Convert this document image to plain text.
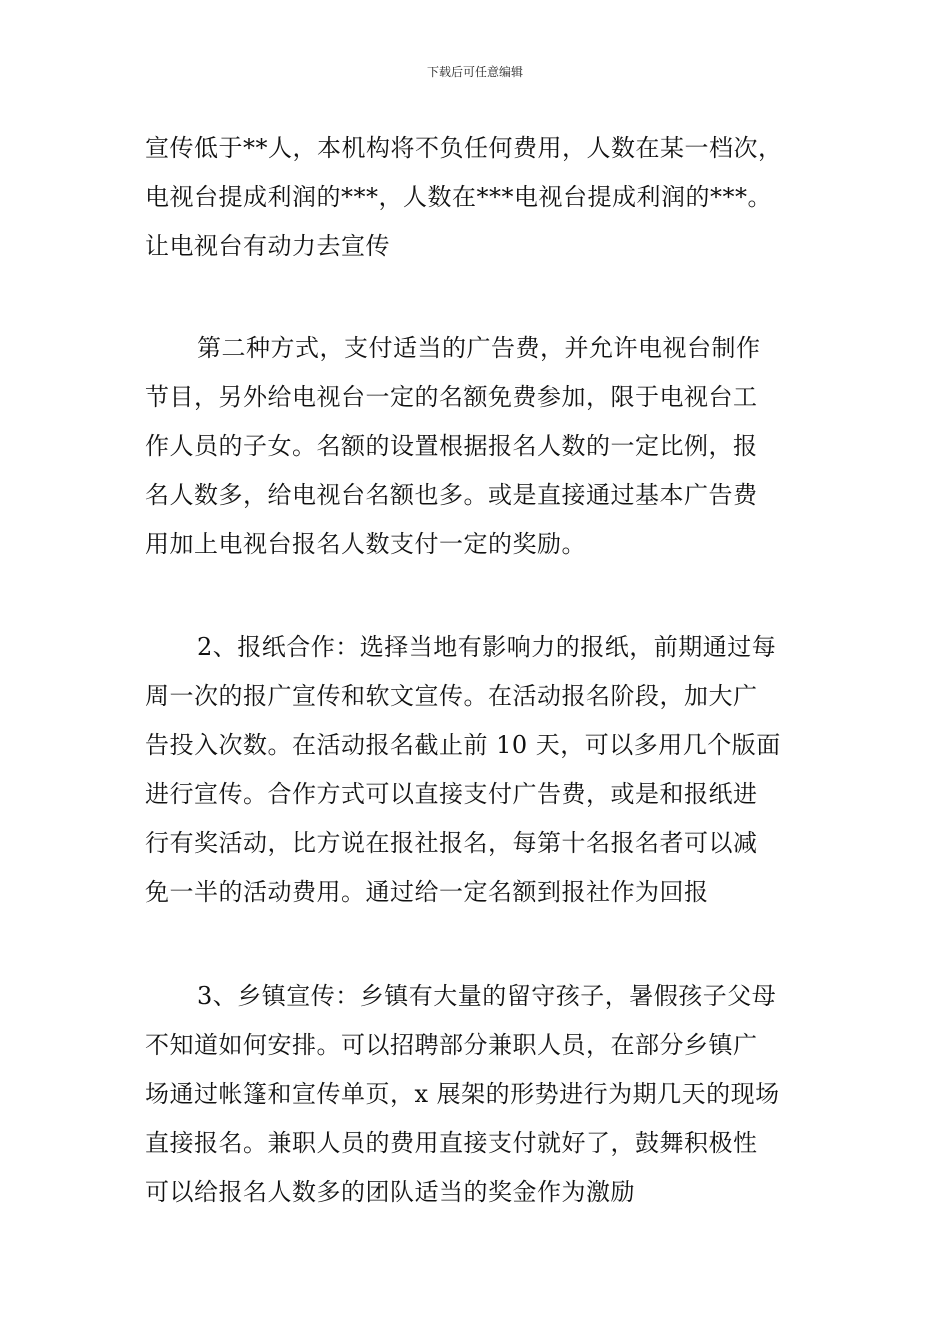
下载后可任意编辑
宣传低于**人，本机构将不负任何费用，人数在某一档次，
电视台提成利润的***，人数在***电视台提成利润的***。
让电视台有动力去宣传
第二种方式，支付适当的广告费，并允许电视台制作
节目，另外给电视台一定的名额免费参加，限于电视台工
作人员的子女。名额的设置根据报名人数的一定比例，报
名人数多，给电视台名额也多。或是直接通过基本广告费
用加上电视台报名人数支付一定的奖励。
2、报纸合作：选择当地有影响力的报纸，前期通过每
周一次的报广宣传和软文宣传。在活动报名阶段，加大广
告投入次数。在活动报名截止前 10 天，可以多用几个版面
进行宣传。合作方式可以直接支付广告费，或是和报纸进
行有奖活动，比方说在报社报名，每第十名报名者可以减
免一半的活动费用。通过给一定名额到报社作为回报
3、乡镇宣传：乡镇有大量的留守孩子，暑假孩子父母
不知道如何安排。可以招聘部分兼职人员，在部分乡镇广
场通过帐篷和宣传单页，x 展架的形势进行为期几天的现场
直接报名。兼职人员的费用直接支付就好了，鼓舞积极性
可以给报名人数多的团队适当的奖金作为激励
